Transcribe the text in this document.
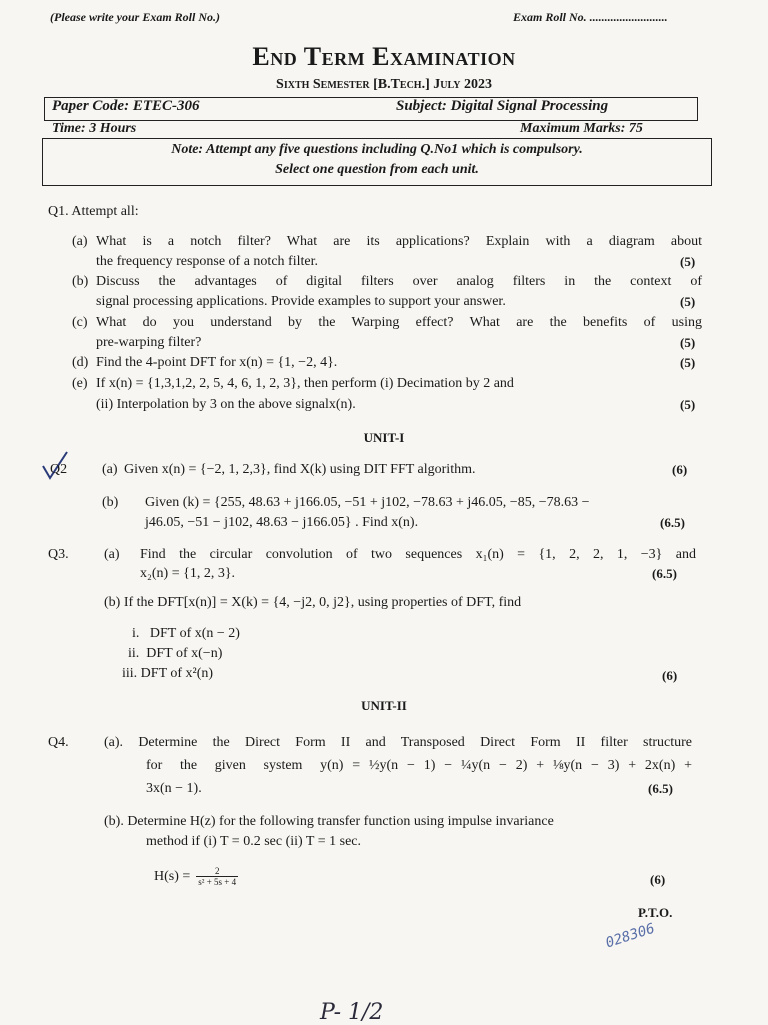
(Please write your Exam Roll No.)	Exam Roll No. ..........................
End Term Examination
Sixth Semester [B.Tech.] July 2023
Paper Code: ETEC-306	Subject: Digital Signal Processing
Time: 3 Hours	Maximum Marks: 75
Note: Attempt any five questions including Q.No1 which is compulsory.
Select one question from each unit.
Q1. Attempt all:
(a) What is a notch filter? What are its applications? Explain with a diagram about
the frequency response of a notch filter.	(5)
(b) Discuss the advantages of digital filters over analog filters in the context of
signal processing applications. Provide examples to support your answer.	(5)
(c) What do you understand by the Warping effect? What are the benefits of using
pre-warping filter?	(5)
(d) Find the 4-point DFT for x(n) = {1, −2, 4}.	(5)
(e) If x(n) = {1,3,1,2, 2, 5, 4, 6, 1, 2, 3}, then perform (i) Decimation by 2 and
(ii) Interpolation by 3 on the above signalx(n).	(5)
UNIT-I
Q2 (a) Given x(n) = {−2, 1, 2,3}, find X(k) using DIT FFT algorithm.	(6)
(b) Given (k) = {255, 48.63 + j166.05, −51 + j102, −78.63 + j46.05, −85, −78.63 −
j46.05, −51 − j102, 48.63 − j166.05} . Find x(n).	(6.5)
Q3.	(a) Find the circular convolution of two sequences x₁(n) = {1, 2, 2, 1, −3} and
x₂(n) = {1, 2, 3}.	(6.5)
(b) If the DFT[x(n)] = X(k) = {4, −j2, 0, j2}, using properties of DFT, find
i.   DFT of x(n − 2)
ii.  DFT of x(−n)
iii. DFT of x²(n)	(6)
UNIT-II
Q4.	(a). Determine the Direct Form II and Transposed Direct Form II filter structure
for  the  given  system  y(n) = ½y(n − 1) − ¼y(n − 2) + ⅛y(n − 3) + 2x(n) +
3x(n − 1).	(6.5)
(b). Determine H(z) for the following transfer function using impulse invariance
method if (i) T = 0.2 sec (ii) T = 1 sec.
$H(s) = \frac{2}{\text{s² + 5s + 4}}$	(6)
P.T.O.
028306
P- 1/2
